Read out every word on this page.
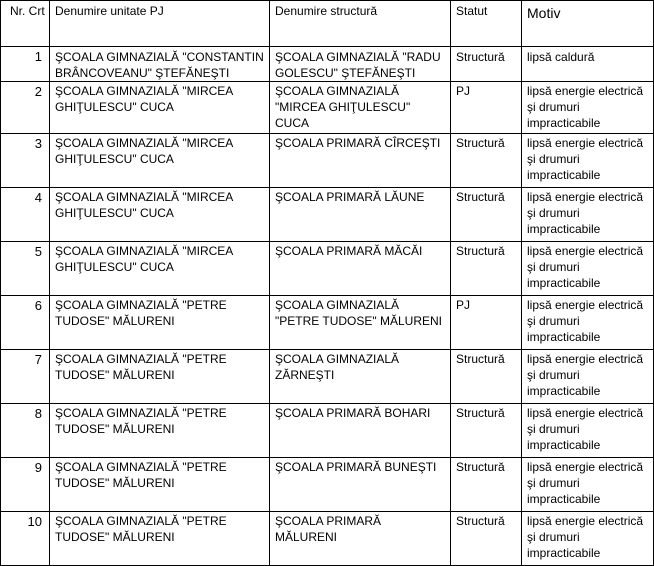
Nr. Crt	Denumire unitate PJ	Denumire structură	Statut	Motiv
1	ŞCOALA GIMNAZIALĂ "CONSTANTIN BRÂNCOVEANU" ŞTEFĂNEŞTI	ŞCOALA GIMNAZIALĂ "RADU GOLESCU" ŞTEFĂNEŞTI	Structură	lipsă caldură
2	ŞCOALA GIMNAZIALĂ "MIRCEA GHIŢULESCU" CUCA	ŞCOALA GIMNAZIALĂ "MIRCEA GHIŢULESCU" CUCA	PJ	lipsă energie electrică şi drumuri impracticabile
3	ŞCOALA GIMNAZIALĂ "MIRCEA GHIŢULESCU" CUCA	ŞCOALA PRIMARĂ CÎRCEŞTI	Structură	lipsă energie electrică şi drumuri impracticabile
4	ŞCOALA GIMNAZIALĂ "MIRCEA GHIŢULESCU" CUCA	ŞCOALA PRIMARĂ LĂUNE	Structură	lipsă energie electrică şi drumuri impracticabile
5	ŞCOALA GIMNAZIALĂ "MIRCEA GHIŢULESCU" CUCA	ŞCOALA PRIMARĂ MĂCĂI	Structură	lipsă energie electrică şi drumuri impracticabile
6	ŞCOALA GIMNAZIALĂ "PETRE TUDOSE" MĂLURENI	ŞCOALA GIMNAZIALĂ "PETRE TUDOSE" MĂLURENI	PJ	lipsă energie electrică şi drumuri impracticabile
7	ŞCOALA GIMNAZIALĂ "PETRE TUDOSE" MĂLURENI	ŞCOALA GIMNAZIALĂ ZĂRNEŞTI	Structură	lipsă energie electrică şi drumuri impracticabile
8	ŞCOALA GIMNAZIALĂ "PETRE TUDOSE" MĂLURENI	ŞCOALA PRIMARĂ BOHARI	Structură	lipsă energie electrică şi drumuri impracticabile
9	ŞCOALA GIMNAZIALĂ "PETRE TUDOSE" MĂLURENI	ŞCOALA PRIMARĂ BUNEŞTI	Structură	lipsă energie electrică şi drumuri impracticabile
10	ŞCOALA GIMNAZIALĂ "PETRE TUDOSE" MĂLURENI	ŞCOALA PRIMARĂ MĂLURENI	Structură	lipsă energie electrică şi drumuri impracticabile
